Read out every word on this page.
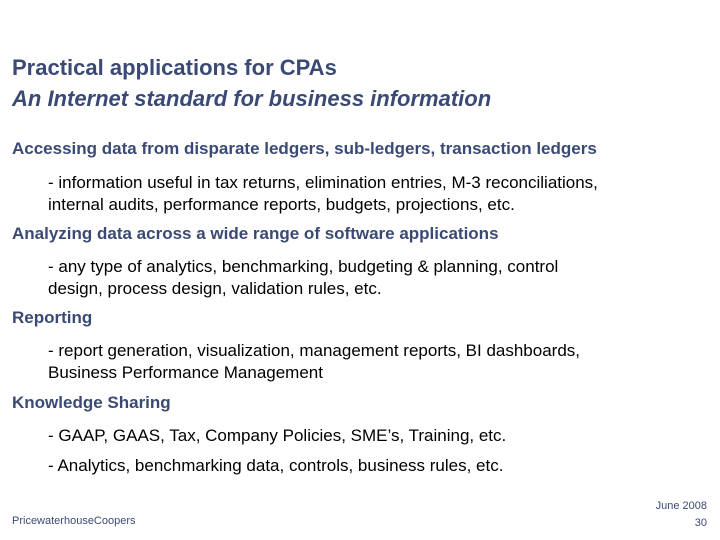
Practical applications for CPAs
An Internet standard for business information
Accessing data from disparate ledgers, sub-ledgers, transaction ledgers
- information useful in tax returns, elimination entries, M-3 reconciliations,
internal audits, performance reports, budgets, projections, etc.
Analyzing data across a wide range of software applications
- any type of analytics, benchmarking, budgeting & planning, control
design, process design, validation rules, etc.
Reporting
- report generation, visualization, management reports, BI dashboards,
Business Performance Management
Knowledge Sharing
- GAAP, GAAS, Tax, Company Policies, SME’s, Training, etc.
- Analytics, benchmarking data, controls, business rules, etc.
PricewaterhouseCoopers
June 2008
30
